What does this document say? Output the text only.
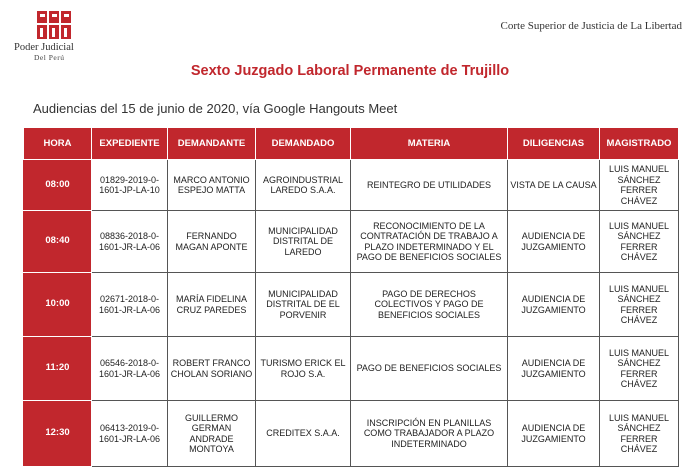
Poder Judicial
Del Perú
Corte Superior de Justicia de La Libertad
Sexto Juzgado Laboral Permanente de Trujillo
Audiencias del 15 de junio de 2020, vía Google Hangouts Meet
HORA	EXPEDIENTE	DEMANDANTE	DEMANDADO	MATERIA	DILIGENCIAS	MAGISTRADO
08:00	01829-2019-0-1601-JP-LA-10	MARCO ANTONIO ESPEJO MATTA	AGROINDUSTRIAL LAREDO S.A.A.	REINTEGRO DE UTILIDADES	VISTA DE LA CAUSA	LUIS MANUEL SÁNCHEZ FERRER CHÁVEZ
08:40	08836-2018-0-1601-JR-LA-06	FERNANDO MAGAN APONTE	MUNICIPALIDAD DISTRITAL DE LAREDO	RECONOCIMIENTO DE LA CONTRATACIÓN DE TRABAJO A PLAZO INDETERMINADO Y EL PAGO DE BENEFICIOS SOCIALES	AUDIENCIA DE JUZGAMIENTO	LUIS MANUEL SÁNCHEZ FERRER CHÁVEZ
10:00	02671-2018-0-1601-JR-LA-06	MARÍA FIDELINA CRUZ PAREDES	MUNICIPALIDAD DISTRITAL DE EL PORVENIR	PAGO DE DERECHOS COLECTIVOS Y PAGO DE BENEFICIOS SOCIALES	AUDIENCIA DE JUZGAMIENTO	LUIS MANUEL SÁNCHEZ FERRER CHÁVEZ
11:20	06546-2018-0-1601-JR-LA-06	ROBERT FRANCO CHOLAN SORIANO	TURISMO ERICK EL ROJO S.A.	PAGO DE BENEFICIOS SOCIALES	AUDIENCIA DE JUZGAMIENTO	LUIS MANUEL SÁNCHEZ FERRER CHÁVEZ
12:30	06413-2019-0-1601-JR-LA-06	GUILLERMO GERMAN ANDRADE MONTOYA	CREDITEX S.A.A.	INSCRIPCIÓN EN PLANILLAS COMO TRABAJADOR A PLAZO INDETERMINADO	AUDIENCIA DE JUZGAMIENTO	LUIS MANUEL SÁNCHEZ FERRER CHÁVEZ
